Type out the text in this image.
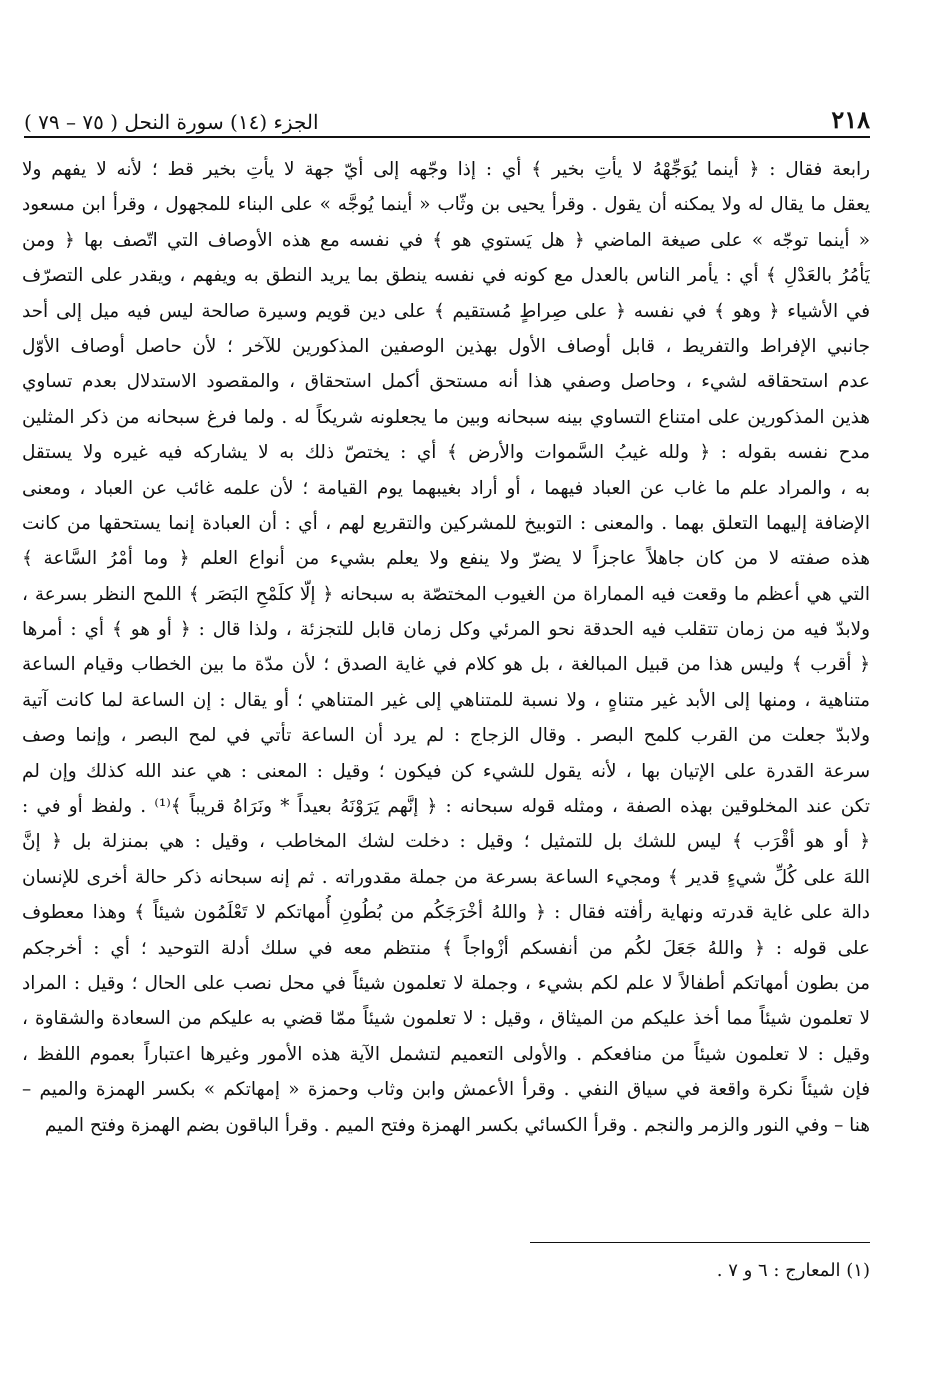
٢١٨
الجزء (١٤) سورة النحل ( ٧٥ – ٧٩ )
رابعة فقال : ﴿ أينما يُوَجِّهْهُ لا يأتِ بخير ﴾ أي : إذا وجّهه إلى أيّ جهة لا يأتِ بخير قط ؛ لأنه لا يفهم ولا
يعقل ما يقال له ولا يمكنه أن يقول . وقرأ يحيى بن وثّاب « أينما يُوجَّه » على البناء للمجهول ، وقرأ ابن مسعود
« أينما توجّه » على صيغة الماضي ﴿ هل يَستوي هو ﴾ في نفسه مع هذه الأوصاف التي اتّصف بها ﴿ ومن
يَأمُرُ بالعَدْلِ ﴾ أي : يأمر الناس بالعدل مع كونه في نفسه ينطق بما يريد النطق به ويفهم ، ويقدر على التصرّف
في الأشياء ﴿ وهو ﴾ في نفسه ﴿ على صِراطٍ مُستقيم ﴾ على دين قويم وسيرة صالحة ليس فيه ميل إلى أحد
جانبي الإفراط والتفريط ، قابل أوصاف الأول بهذين الوصفين المذكورين للآخر ؛ لأن حاصل أوصاف الأوّل
عدم استحقاقه لشيء ، وحاصل وصفي هذا أنه مستحق أكمل استحقاق ، والمقصود الاستدلال بعدم تساوي
هذين المذكورين على امتناع التساوي بينه سبحانه وبين ما يجعلونه شريكاً له . ولما فرغ سبحانه من ذكر المثلين
مدح نفسه بقوله : ﴿ ولله غيبُ السَّموات والأرض ﴾ أي : يختصّ ذلك به لا يشاركه فيه غيره ولا يستقل
به ، والمراد علم ما غاب عن العباد فيهما ، أو أراد بغيبهما يوم القيامة ؛ لأن علمه غائب عن العباد ، ومعنى
الإضافة إليهما التعلق بهما . والمعنى : التوبيخ للمشركين والتقريع لهم ، أي : أن العبادة إنما يستحقها من كانت
هذه صفته لا من كان جاهلاً عاجزاً لا يضرّ ولا ينفع ولا يعلم بشيء من أنواع العلم ﴿ وما أمْرُ السَّاعة ﴾
التي هي أعظم ما وقعت فيه المماراة من الغيوب المختصّة به سبحانه ﴿ إلّا كلَمْحِ البَصَر ﴾ اللمح النظر بسرعة ،
ولابدّ فيه من زمان تتقلب فيه الحدقة نحو المرئي وكل زمان قابل للتجزئة ، ولذا قال : ﴿ أو هو ﴾ أي : أمرها
﴿ أقرب ﴾ وليس هذا من قبيل المبالغة ، بل هو كلام في غاية الصدق ؛ لأن مدّة ما بين الخطاب وقيام الساعة
متناهية ، ومنها إلى الأبد غير متناهٍ ، ولا نسبة للمتناهي إلى غير المتناهي ؛ أو يقال : إن الساعة لما كانت آتية
ولابدّ جعلت من القرب كلمح البصر . وقال الزجاج : لم يرد أن الساعة تأتي في لمح البصر ، وإنما وصف
سرعة القدرة على الإتيان بها ، لأنه يقول للشيء كن فيكون ؛ وقيل : المعنى : هي عند الله كذلك وإن لم
تكن عند المخلوقين بهذه الصفة ، ومثله قوله سبحانه : ﴿ إنَّهم يَرَوْنَهُ بعيداً * ونَرَاهُ قريباً ﴾⁽¹⁾ . ولفظ أو في :
﴿ أو هو أقْرَب ﴾ ليس للشك بل للتمثيل ؛ وقيل : دخلت لشك المخاطب ، وقيل : هي بمنزلة بل ﴿ إنَّ
اللهَ على كُلِّ شيءٍ قدير ﴾ ومجيء الساعة بسرعة من جملة مقدوراته . ثم إنه سبحانه ذكر حالة أخرى للإنسان
دالة على غاية قدرته ونهاية رأفته فقال : ﴿ واللهُ أخْرَجَكُم من بُطُونِ أُمهاتكم لا تَعْلَمُون شيئاً ﴾ وهذا معطوف
على قوله : ﴿ واللهُ جَعَلَ لكُم من أنفسكم أزْواجاً ﴾ منتظم معه في سلك أدلة التوحيد ؛ أي : أخرجكم
من بطون أمهاتكم أطفالاً لا علم لكم بشيء ، وجملة لا تعلمون شيئاً في محل نصب على الحال ؛ وقيل : المراد
لا تعلمون شيئاً مما أخذ عليكم من الميثاق ، وقيل : لا تعلمون شيئاً ممّا قضي به عليكم من السعادة والشقاوة ،
وقيل : لا تعلمون شيئاً من منافعكم . والأولى التعميم لتشمل الآية هذه الأمور وغيرها اعتباراً بعموم اللفظ ،
فإن شيئاً نكرة واقعة في سياق النفي . وقرأ الأعمش وابن وثاب وحمزة « إمهاتكم » بكسر الهمزة والميم –
هنا – وفي النور والزمر والنجم . وقرأ الكسائي بكسر الهمزة وفتح الميم . وقرأ الباقون بضم الهمزة وفتح الميم
(١) المعارج : ٦ و ٧ .
